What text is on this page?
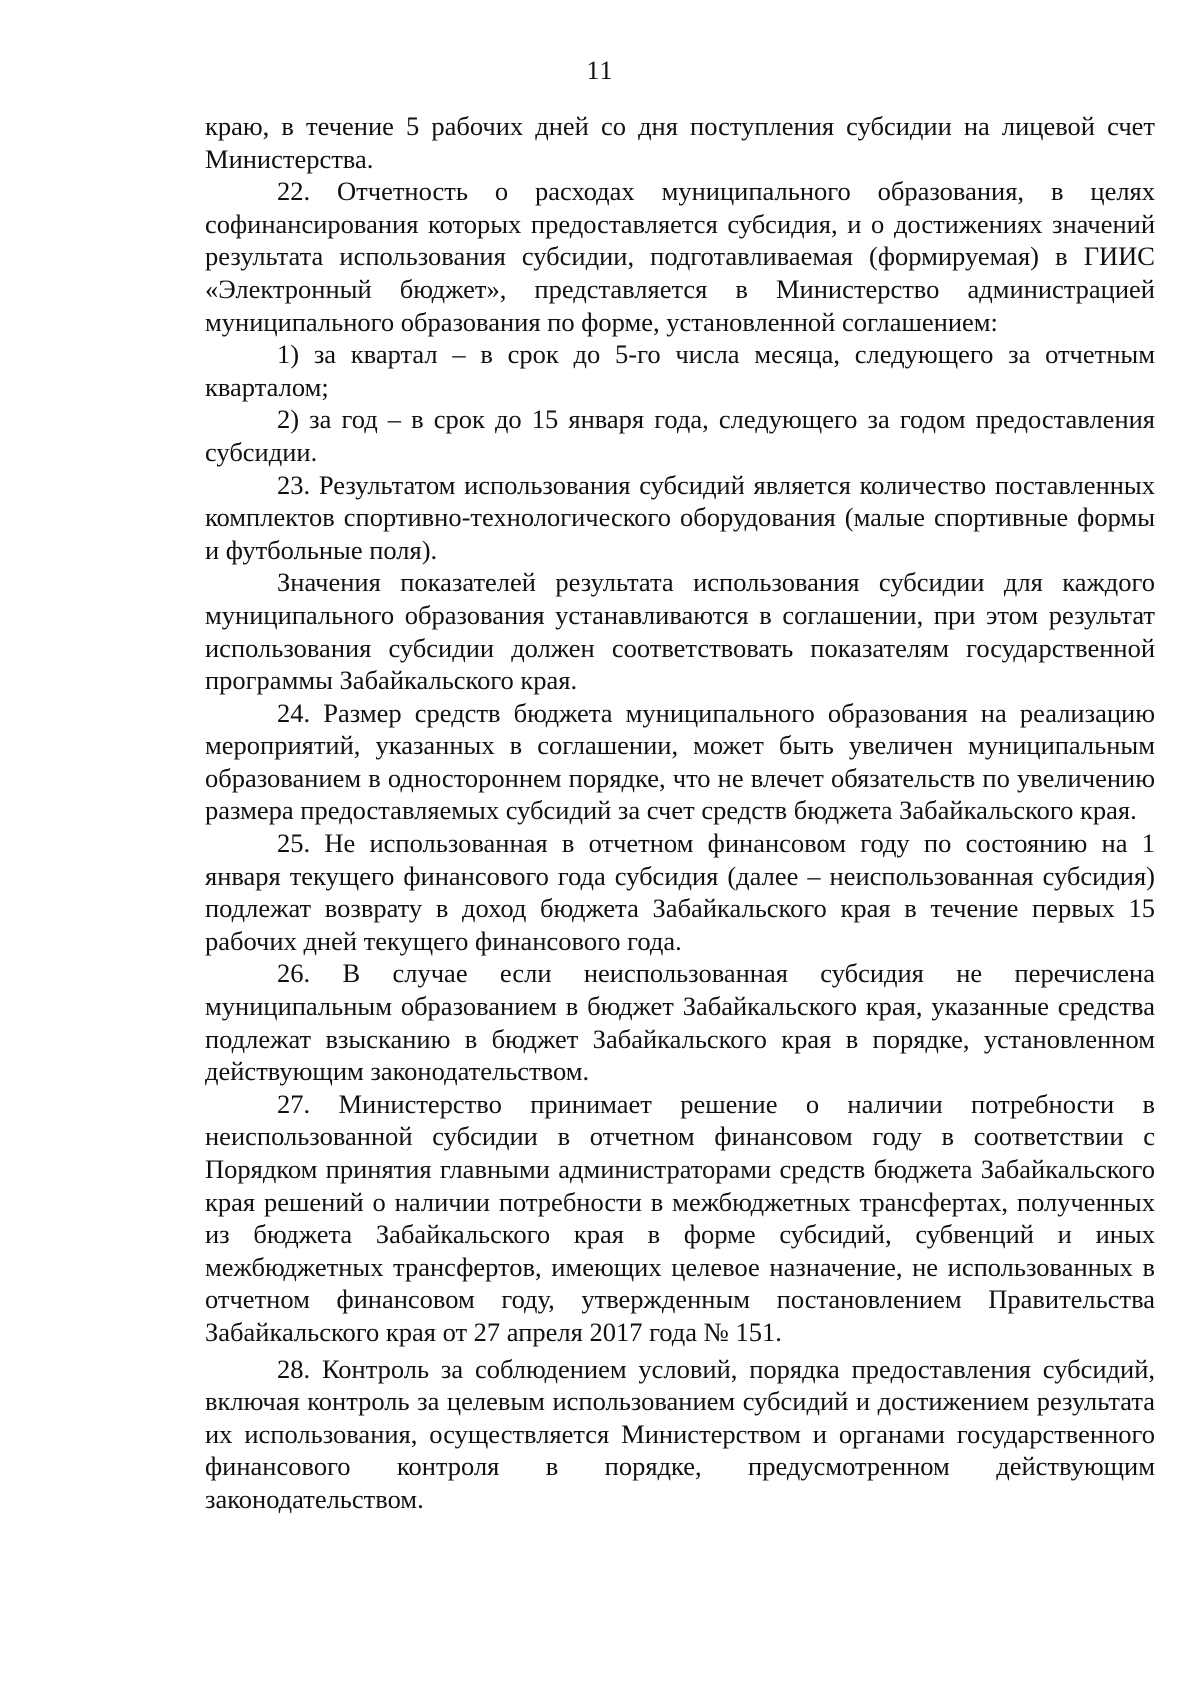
11

краю, в течение 5 рабочих дней со дня поступления субсидии на лицевой счет Министерства.

22. Отчетность о расходах муниципального образования, в целях софинансирования которых предоставляется субсидия, и о достижениях значений результата использования субсидии, подготавливаемая (формируемая) в ГИИС «Электронный бюджет», представляется в Министерство администрацией муниципального образования по форме, установленной соглашением:

1) за квартал – в срок до 5-го числа месяца, следующего за отчетным кварталом;

2) за год – в срок до 15 января года, следующего за годом предоставления субсидии.

23. Результатом использования субсидий является количество поставленных комплектов спортивно-технологического оборудования (малые спортивные формы и футбольные поля).

Значения показателей результата использования субсидии для каждого муниципального образования устанавливаются в соглашении, при этом результат использования субсидии должен соответствовать показателям государственной программы Забайкальского края.

24. Размер средств бюджета муниципального образования на реализацию мероприятий, указанных в соглашении, может быть увеличен муниципальным образованием в одностороннем порядке, что не влечет обязательств по увеличению размера предоставляемых субсидий за счет средств бюджета Забайкальского края.

25. Не использованная в отчетном финансовом году по состоянию на 1 января текущего финансового года субсидия (далее – неиспользованная субсидия) подлежат возврату в доход бюджета Забайкальского края в течение первых 15 рабочих дней текущего финансового года.

26. В случае если неиспользованная субсидия не перечислена муниципальным образованием в бюджет Забайкальского края, указанные средства подлежат взысканию в бюджет Забайкальского края в порядке, установленном действующим законодательством.

27. Министерство принимает решение о наличии потребности в неиспользованной субсидии в отчетном финансовом году в соответствии с Порядком принятия главными администраторами средств бюджета Забайкальского края решений о наличии потребности в межбюджетных трансфертах, полученных из бюджета Забайкальского края в форме субсидий, субвенций и иных межбюджетных трансфертов, имеющих целевое назначение, не использованных в отчетном финансовом году, утвержденным постановлением Правительства Забайкальского края от 27 апреля 2017 года № 151.

28. Контроль за соблюдением условий, порядка предоставления субсидий, включая контроль за целевым использованием субсидий и достижением результата их использования, осуществляется Министерством и органами государственного финансового контроля в порядке, предусмотренном действующим законодательством.
